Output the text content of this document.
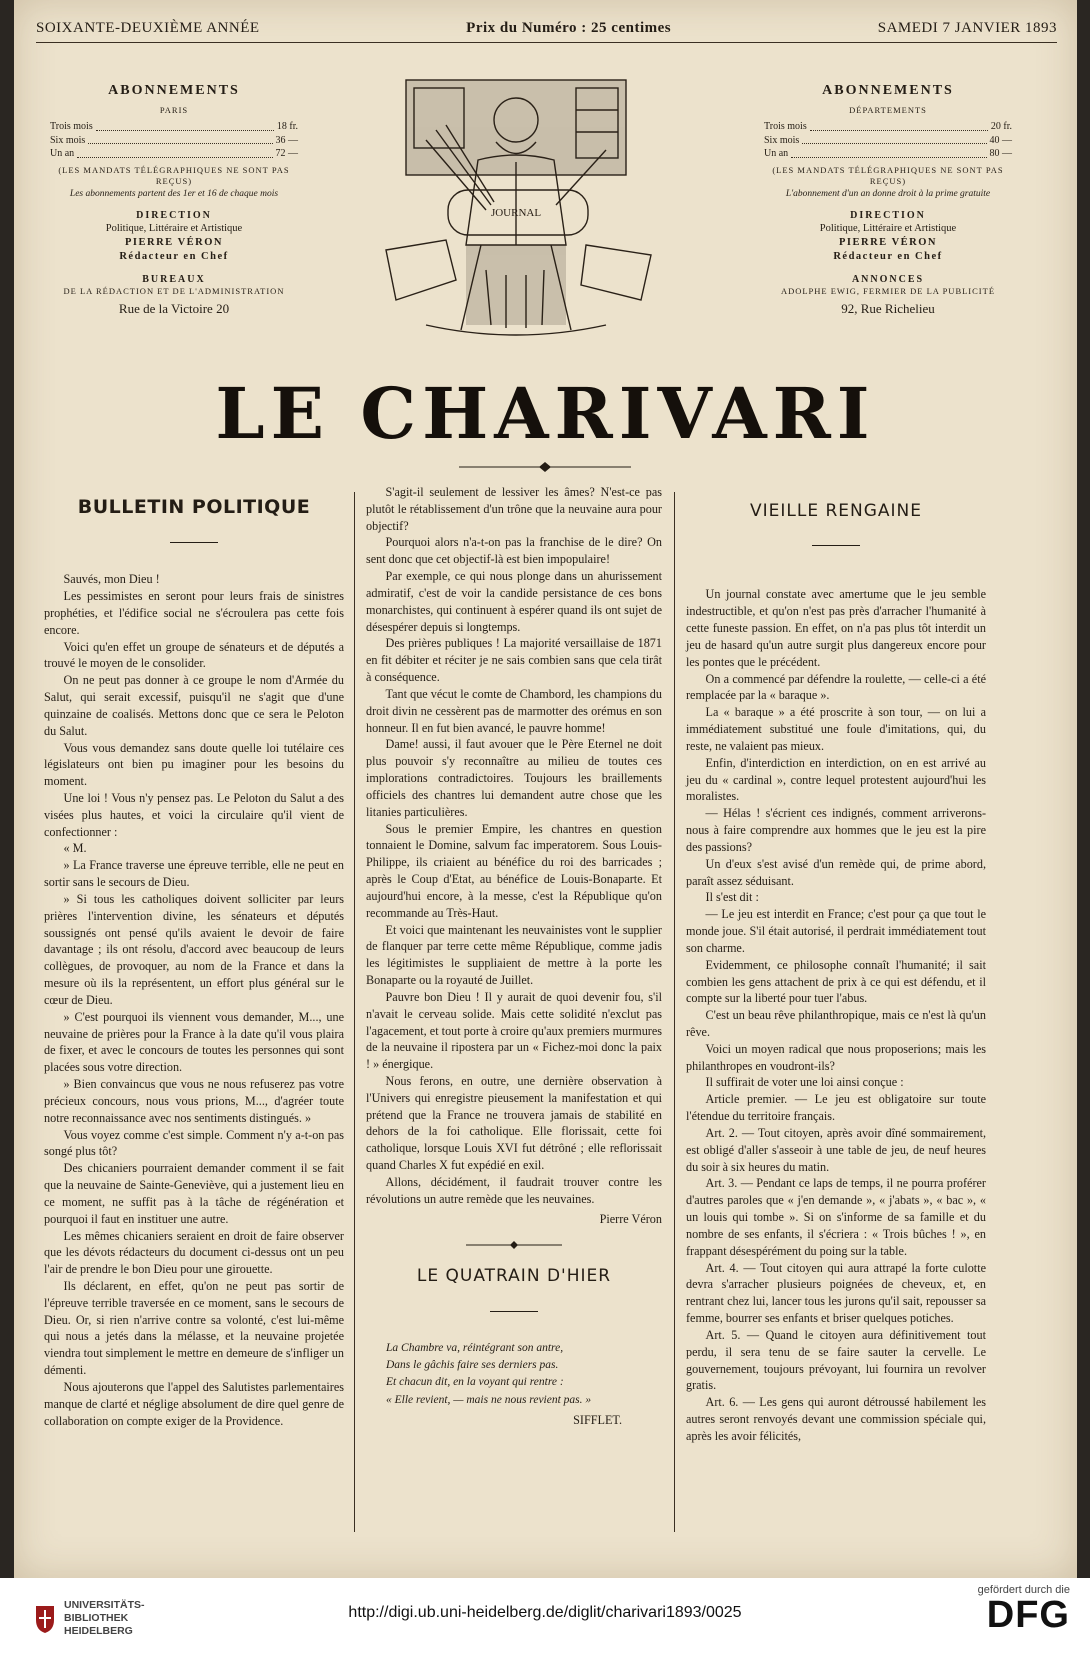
SOIXANTE-DEUXIÈME ANNÉE	Prix du Numéro : 25 centimes	SAMEDI 7 JANVIER 1893
ABONNEMENTS
PARIS
Trois mois	18 fr.
Six mois	36 —
Un an	72 —
(LES MANDATS TÉLÉGRAPHIQUES NE SONT PAS REÇUS)
Les abonnements partent des 1er et 16 de chaque mois
DIRECTION
Politique, Littéraire et Artistique
PIERRE VÉRON
Rédacteur en Chef
BUREAUX
DE LA RÉDACTION ET DE L'ADMINISTRATION
Rue de la Victoire 20
ABONNEMENTS
DÉPARTEMENTS
Trois mois	20 fr.
Six mois	40 —
Un an	80 —
(LES MANDATS TÉLÉGRAPHIQUES NE SONT PAS REÇUS)
L'abonnement d'un an donne droit à la prime gratuite
DIRECTION
Politique, Littéraire et Artistique
PIERRE VÉRON
Rédacteur en Chef
ANNONCES
ADOLPHE EWIG, FERMIER DE LA PUBLICITÉ
92, Rue Richelieu
JOURNAL
LE CHARIVARI
BULLETIN POLITIQUE

Sauvés, mon Dieu !

Les pessimistes en seront pour leurs frais de sinistres prophéties, et l'édifice social ne s'écroulera pas cette fois encore.

Voici qu'en effet un groupe de sénateurs et de députés a trouvé le moyen de le consolider.

On ne peut pas donner à ce groupe le nom d'Armée du Salut, qui serait excessif, puisqu'il ne s'agit que d'une quinzaine de coalisés. Mettons donc que ce sera le Peloton du Salut.

Vous vous demandez sans doute quelle loi tutélaire ces législateurs ont bien pu imaginer pour les besoins du moment.

Une loi ! Vous n'y pensez pas. Le Peloton du Salut a des visées plus hautes, et voici la circulaire qu'il vient de confectionner :

« M.

» La France traverse une épreuve terrible, elle ne peut en sortir sans le secours de Dieu.

» Si tous les catholiques doivent solliciter par leurs prières l'intervention divine, les sénateurs et députés soussignés ont pensé qu'ils avaient le devoir de faire davantage ; ils ont résolu, d'accord avec beaucoup de leurs collègues, de provoquer, au nom de la France et dans la mesure où ils la représentent, un effort plus général sur le cœur de Dieu.

» C'est pourquoi ils viennent vous demander, M..., une neuvaine de prières pour la France à la date qu'il vous plaira de fixer, et avec le concours de toutes les personnes qui sont placées sous votre direction.

» Bien convaincus que vous ne nous refuserez pas votre précieux concours, nous vous prions, M..., d'agréer toute notre reconnaissance avec nos sentiments distingués. »

Vous voyez comme c'est simple. Comment n'y a-t-on pas songé plus tôt?

Des chicaniers pourraient demander comment il se fait que la neuvaine de Sainte-Geneviève, qui a justement lieu en ce moment, ne suffit pas à la tâche de régénération et pourquoi il faut en instituer une autre.

Les mêmes chicaniers seraient en droit de faire observer que les dévots rédacteurs du document ci-dessus ont un peu l'air de prendre le bon Dieu pour une girouette.

Ils déclarent, en effet, qu'on ne peut pas sortir de l'épreuve terrible traversée en ce moment, sans le secours de Dieu. Or, si rien n'arrive contre sa volonté, c'est lui-même qui nous a jetés dans la mélasse, et la neuvaine projetée viendra tout simplement le mettre en demeure de s'infliger un démenti.

Nous ajouterons que l'appel des Salutistes parlementaires manque de clarté et néglige absolument de dire quel genre de collaboration on compte exiger de la Providence.

S'agit-il seulement de lessiver les âmes? N'est-ce pas plutôt le rétablissement d'un trône que la neuvaine aura pour objectif?

Pourquoi alors n'a-t-on pas la franchise de le dire? On sent donc que cet objectif-là est bien impopulaire!

Par exemple, ce qui nous plonge dans un ahurissement admiratif, c'est de voir la candide persistance de ces bons monarchistes, qui continuent à espérer quand ils ont sujet de désespérer depuis si longtemps.

Des prières publiques ! La majorité versaillaise de 1871 en fit débiter et réciter je ne sais combien sans que cela tirât à conséquence.

Tant que vécut le comte de Chambord, les champions du droit divin ne cessèrent pas de marmotter des orémus en son honneur. Il en fut bien avancé, le pauvre homme!

Dame! aussi, il faut avouer que le Père Eternel ne doit plus pouvoir s'y reconnaître au milieu de toutes ces implorations contradictoires. Toujours les braillements officiels des chantres lui demandent autre chose que les litanies particulières.

Sous le premier Empire, les chantres en question tonnaient le Domine, salvum fac imperatorem. Sous Louis-Philippe, ils criaient au bénéfice du roi des barricades ; après le Coup d'Etat, au bénéfice de Louis-Bonaparte. Et aujourd'hui encore, à la messe, c'est la République qu'on recommande au Très-Haut.

Et voici que maintenant les neuvainistes vont le supplier de flanquer par terre cette même République, comme jadis les légitimistes le suppliaient de mettre à la porte les Bonaparte ou la royauté de Juillet.

Pauvre bon Dieu ! Il y aurait de quoi devenir fou, s'il n'avait le cerveau solide. Mais cette solidité n'exclut pas l'agacement, et tout porte à croire qu'aux premiers murmures de la neuvaine il ripostera par un « Fichez-moi donc la paix ! » énergique.

Nous ferons, en outre, une dernière observation à l'Univers qui enregistre pieusement la manifestation et qui prétend que la France ne trouvera jamais de stabilité en dehors de la foi catholique. Elle florissait, cette foi catholique, lorsque Louis XVI fut détrôné ; elle reflorissait quand Charles X fut expédié en exil.

Allons, décidément, il faudrait trouver contre les révolutions un autre remède que les neuvaines.

Pierre Véron
LE QUATRAIN D'HIER
La Chambre va, réintégrant son antre,
Dans le gâchis faire ses derniers pas.
Et chacun dit, en la voyant qui rentre :
« Elle revient, — mais ne nous revient pas. »
SIFFLET.
VIEILLE RENGAINE

Un journal constate avec amertume que le jeu semble indestructible, et qu'on n'est pas près d'arracher l'humanité à cette funeste passion. En effet, on n'a pas plus tôt interdit un jeu de hasard qu'un autre surgit plus dangereux encore pour les pontes que le précédent.

On a commencé par défendre la roulette, — celle-ci a été remplacée par la « baraque ».

La « baraque » a été proscrite à son tour, — on lui a immédiatement substitué une foule d'imitations, qui, du reste, ne valaient pas mieux.

Enfin, d'interdiction en interdiction, on en est arrivé au jeu du « cardinal », contre lequel protestent aujourd'hui les moralistes.

— Hélas ! s'écrient ces indignés, comment arriverons-nous à faire comprendre aux hommes que le jeu est la pire des passions?

Un d'eux s'est avisé d'un remède qui, de prime abord, paraît assez séduisant.

Il s'est dit :

— Le jeu est interdit en France; c'est pour ça que tout le monde joue. S'il était autorisé, il perdrait immédiatement tout son charme.

Evidemment, ce philosophe connaît l'humanité; il sait combien les gens attachent de prix à ce qui est défendu, et il compte sur la liberté pour tuer l'abus.

C'est un beau rêve philanthropique, mais ce n'est là qu'un rêve.

Voici un moyen radical que nous proposerions; mais les philanthropes en voudront-ils?

Il suffirait de voter une loi ainsi conçue :

Article premier. — Le jeu est obligatoire sur toute l'étendue du territoire français.

Art. 2. — Tout citoyen, après avoir dîné sommairement, est obligé d'aller s'asseoir à une table de jeu, de neuf heures du soir à six heures du matin.

Art. 3. — Pendant ce laps de temps, il ne pourra proférer d'autres paroles que « j'en demande », « j'abats », « bac », « un louis qui tombe ». Si on s'informe de sa famille et du nombre de ses enfants, il s'écriera : « Trois bûches ! », en frappant désespérément du poing sur la table.

Art. 4. — Tout citoyen qui aura attrapé la forte culotte devra s'arracher plusieurs poignées de cheveux, et, en rentrant chez lui, lancer tous les jurons qu'il sait, repousser sa femme, bourrer ses enfants et briser quelques potiches.

Art. 5. — Quand le citoyen aura définitivement tout perdu, il sera tenu de se faire sauter la cervelle. Le gouvernement, toujours prévoyant, lui fournira un revolver gratis.

Art. 6. — Les gens qui auront détroussé habilement les autres seront renvoyés devant une commission spéciale qui, après les avoir félicités,

UNIVERSITÄTS-
BIBLIOTHEK
HEIDELBERG
http://digi.ub.uni-heidelberg.de/diglit/charivari1893/0025
gefördert durch die
DFG
